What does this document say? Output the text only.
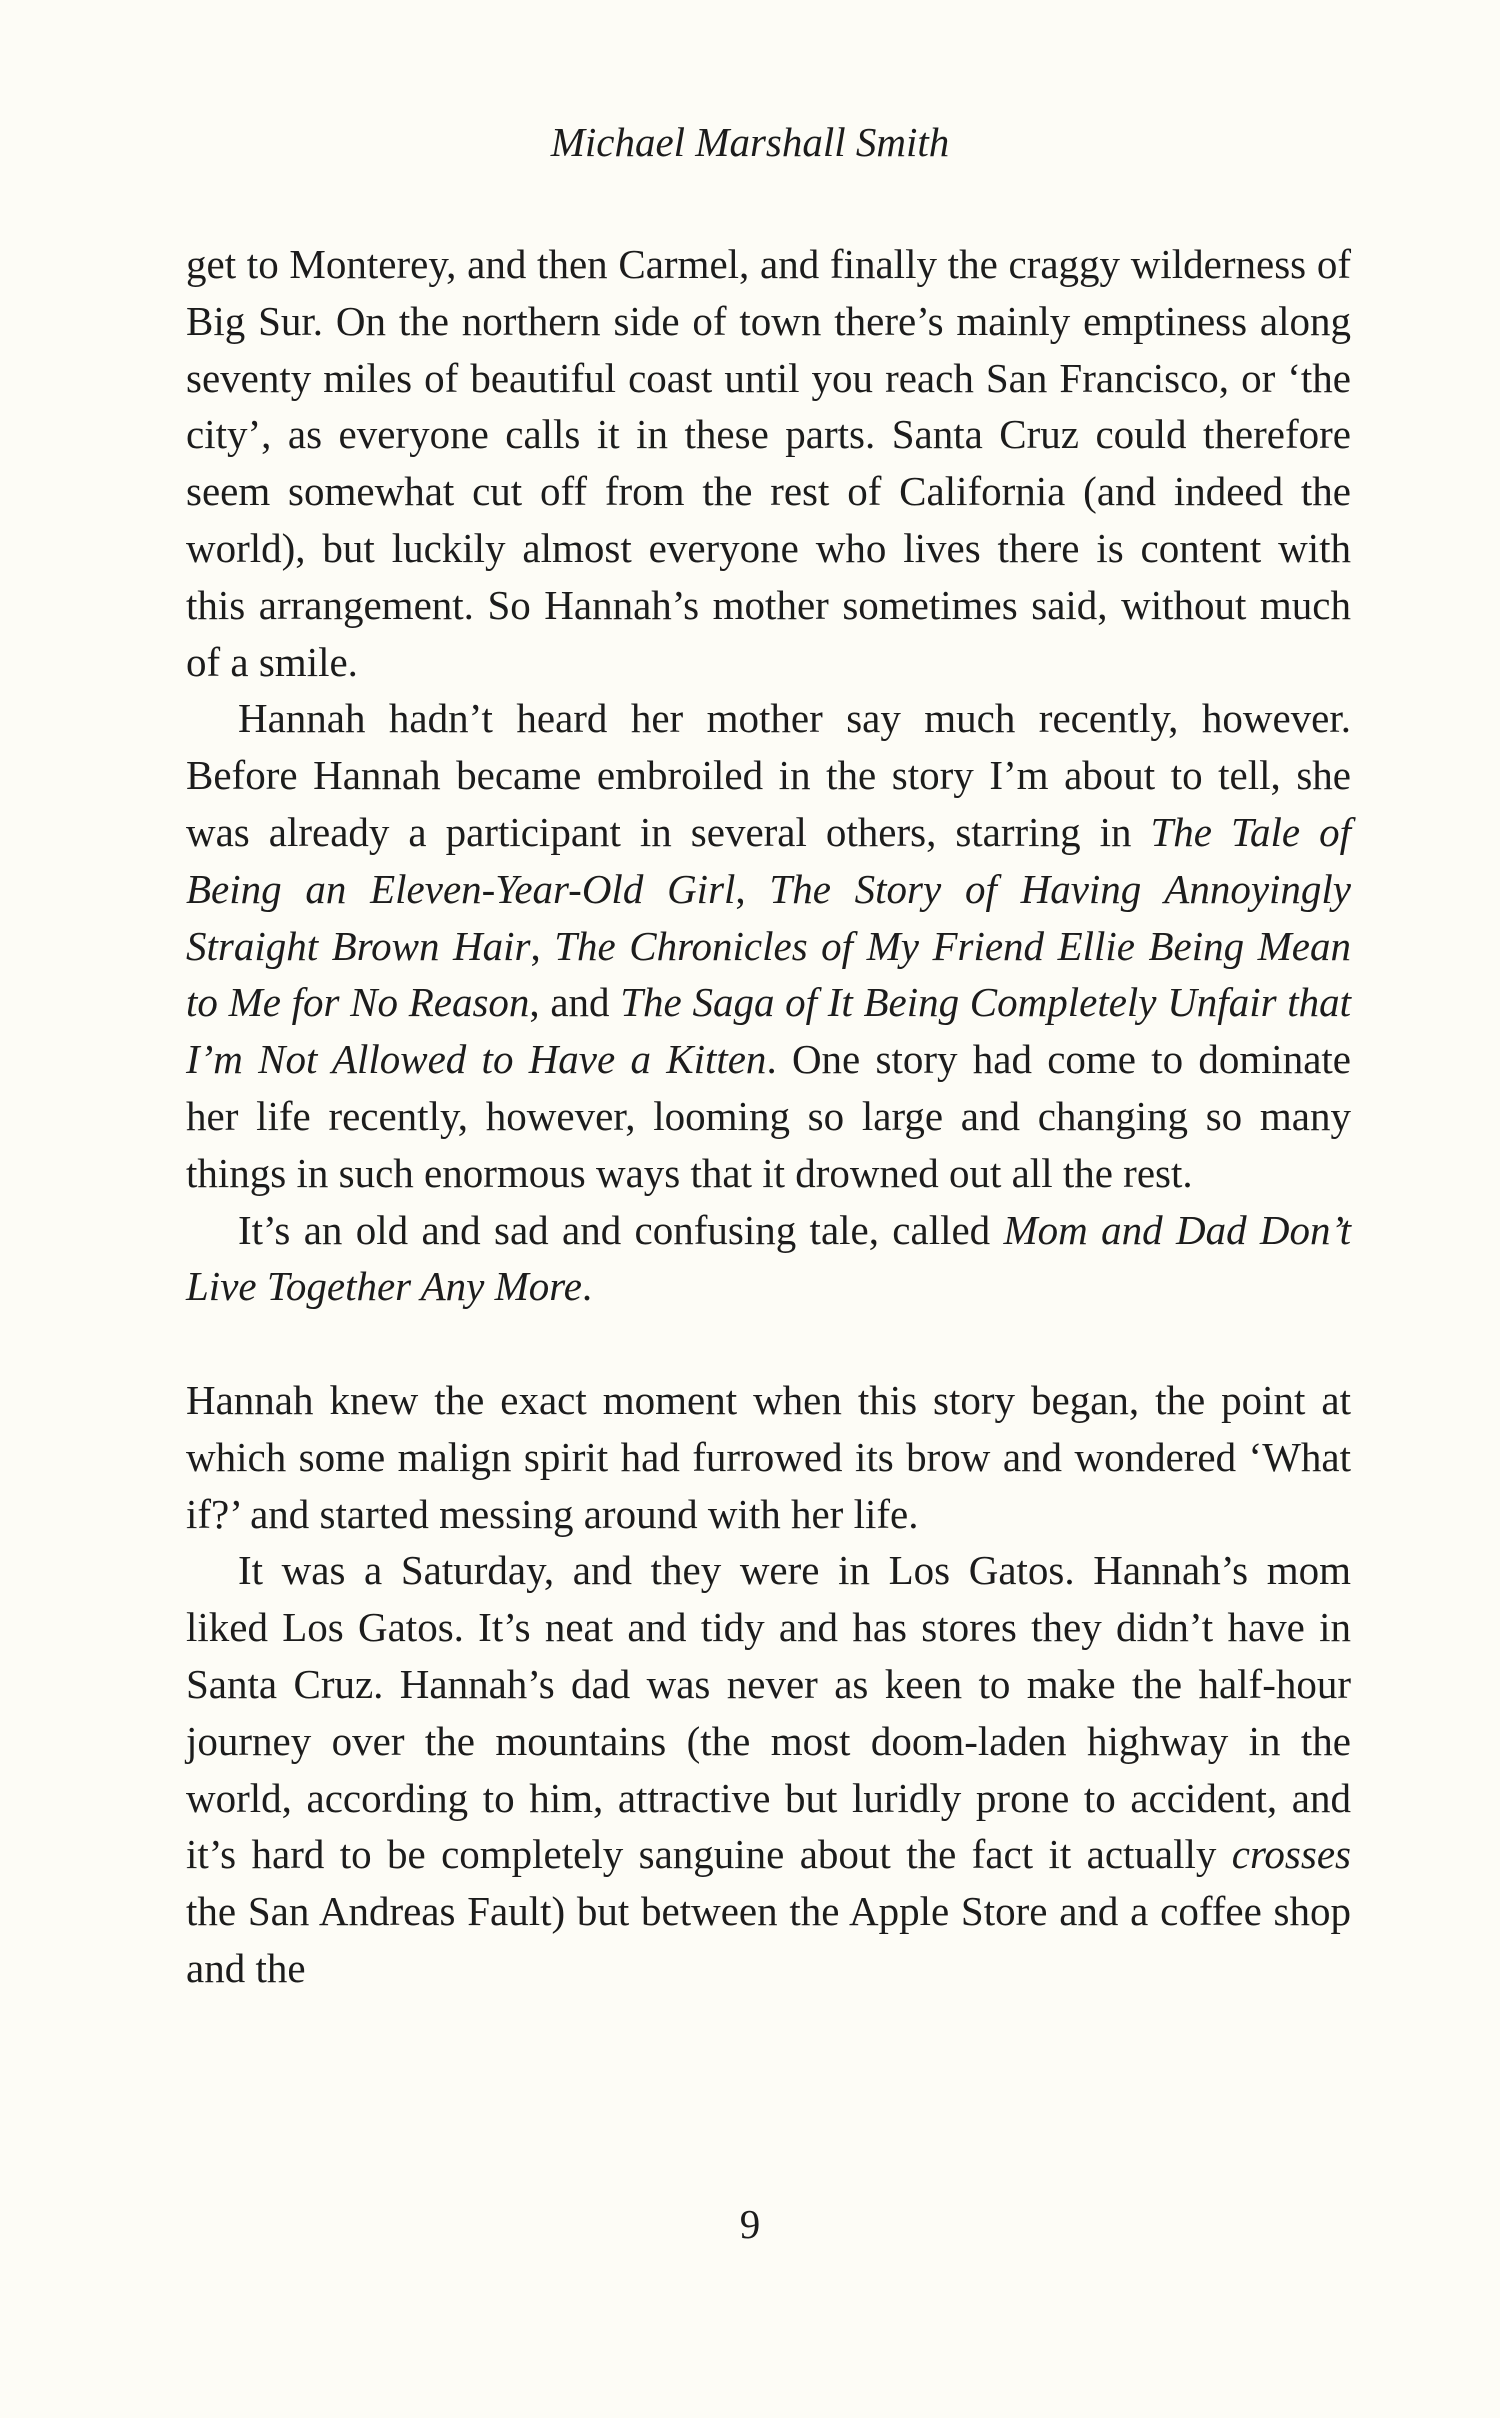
Michael Marshall Smith

get to Monterey, and then Carmel, and finally the craggy wilderness of Big Sur. On the northern side of town there’s mainly emptiness along seventy miles of beautiful coast until you reach San Francisco, or ‘the city’, as everyone calls it in these parts. Santa Cruz could therefore seem somewhat cut off from the rest of California (and indeed the world), but luckily almost everyone who lives there is content with this arrangement. So Hannah’s mother sometimes said, without much of a smile.

Hannah hadn’t heard her mother say much recently, however. Before Hannah became embroiled in the story I’m about to tell, she was already a participant in several others, starring in The Tale of Being an Eleven-Year-Old Girl, The Story of Having Annoyingly Straight Brown Hair, The Chronicles of My Friend Ellie Being Mean to Me for No Reason, and The Saga of It Being Completely Unfair that I’m Not Allowed to Have a Kitten. One story had come to dominate her life recently, however, looming so large and changing so many things in such enormous ways that it drowned out all the rest.

It’s an old and sad and confusing tale, called Mom and Dad Don’t Live Together Any More.

Hannah knew the exact moment when this story began, the point at which some malign spirit had furrowed its brow and wondered ‘What if?’ and started messing around with her life.

It was a Saturday, and they were in Los Gatos. Hannah’s mom liked Los Gatos. It’s neat and tidy and has stores they didn’t have in Santa Cruz. Hannah’s dad was never as keen to make the half-hour journey over the mountains (the most doom-laden highway in the world, according to him, attractive but luridly prone to accident, and it’s hard to be completely sanguine about the fact it actually crosses the San Andreas Fault) but between the Apple Store and a coffee shop and the

9
